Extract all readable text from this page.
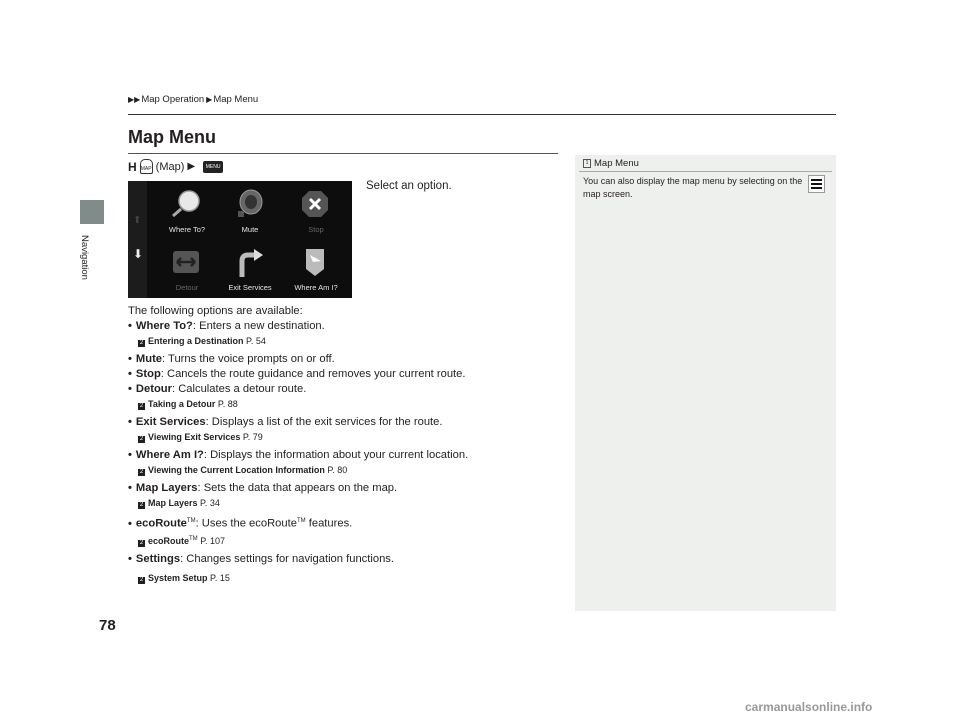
Navigation
▶▶ Map Operation ▶ Map Menu
Map Menu
H MAP (Map) ▶	MENU
Select an option.
⬆
⬇
Where To?	Mute	Stop
Detour	Exit Services	Where Am I?
The following options are available:
• Where To?: Enters a new destination.
2 Entering a Destination P. 54
• Mute: Turns the voice prompts on or off.
• Stop: Cancels the route guidance and removes your current route.
• Detour: Calculates a detour route.
2 Taking a Detour P. 88
• Exit Services: Displays a list of the exit services for the route.
2 Viewing Exit Services P. 79
• Where Am I?: Displays the information about your current location.
2 Viewing the Current Location Information P. 80
• Map Layers: Sets the data that appears on the map.
2 Map Layers P. 34
• ecoRoute™: Uses the ecoRoute™ features.
2 ecoRoute™ P. 107
• Settings: Changes settings for navigation functions.
2 System Setup P. 15
1 Map Menu
You can also display the map menu by selecting on the map screen.
78
carmanualsonline.info
